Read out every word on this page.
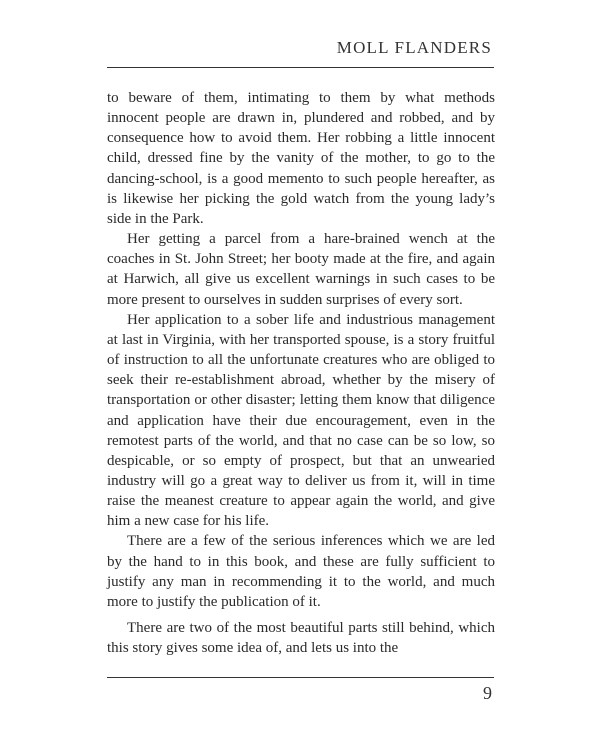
MOLL FLANDERS

to beware of them, intimating to them by what methods innocent people are drawn in, plundered and robbed, and by consequence how to avoid them. Her robbing a little innocent child, dressed fine by the vanity of the mother, to go to the dancing-school, is a good memento to such people hereafter, as is likewise her picking the gold watch from the young lady’s side in the Park.

Her getting a parcel from a hare-brained wench at the coaches in St. John Street; her booty made at the fire, and again at Harwich, all give us excellent warnings in such cases to be more present to ourselves in sudden surprises of every sort.

Her application to a sober life and industrious management at last in Virginia, with her transported spouse, is a story fruitful of instruction to all the unfortunate creatures who are obliged to seek their re-establishment abroad, whether by the misery of transportation or other disaster; letting them know that diligence and application have their due encouragement, even in the remotest parts of the world, and that no case can be so low, so despicable, or so empty of prospect, but that an unwearied industry will go a great way to deliver us from it, will in time raise the meanest creature to appear again the world, and give him a new case for his life.

There are a few of the serious inferences which we are led by the hand to in this book, and these are fully sufficient to justify any man in recommending it to the world, and much more to justify the publication of it.

There are two of the most beautiful parts still behind, which this story gives some idea of, and lets us into the

9
